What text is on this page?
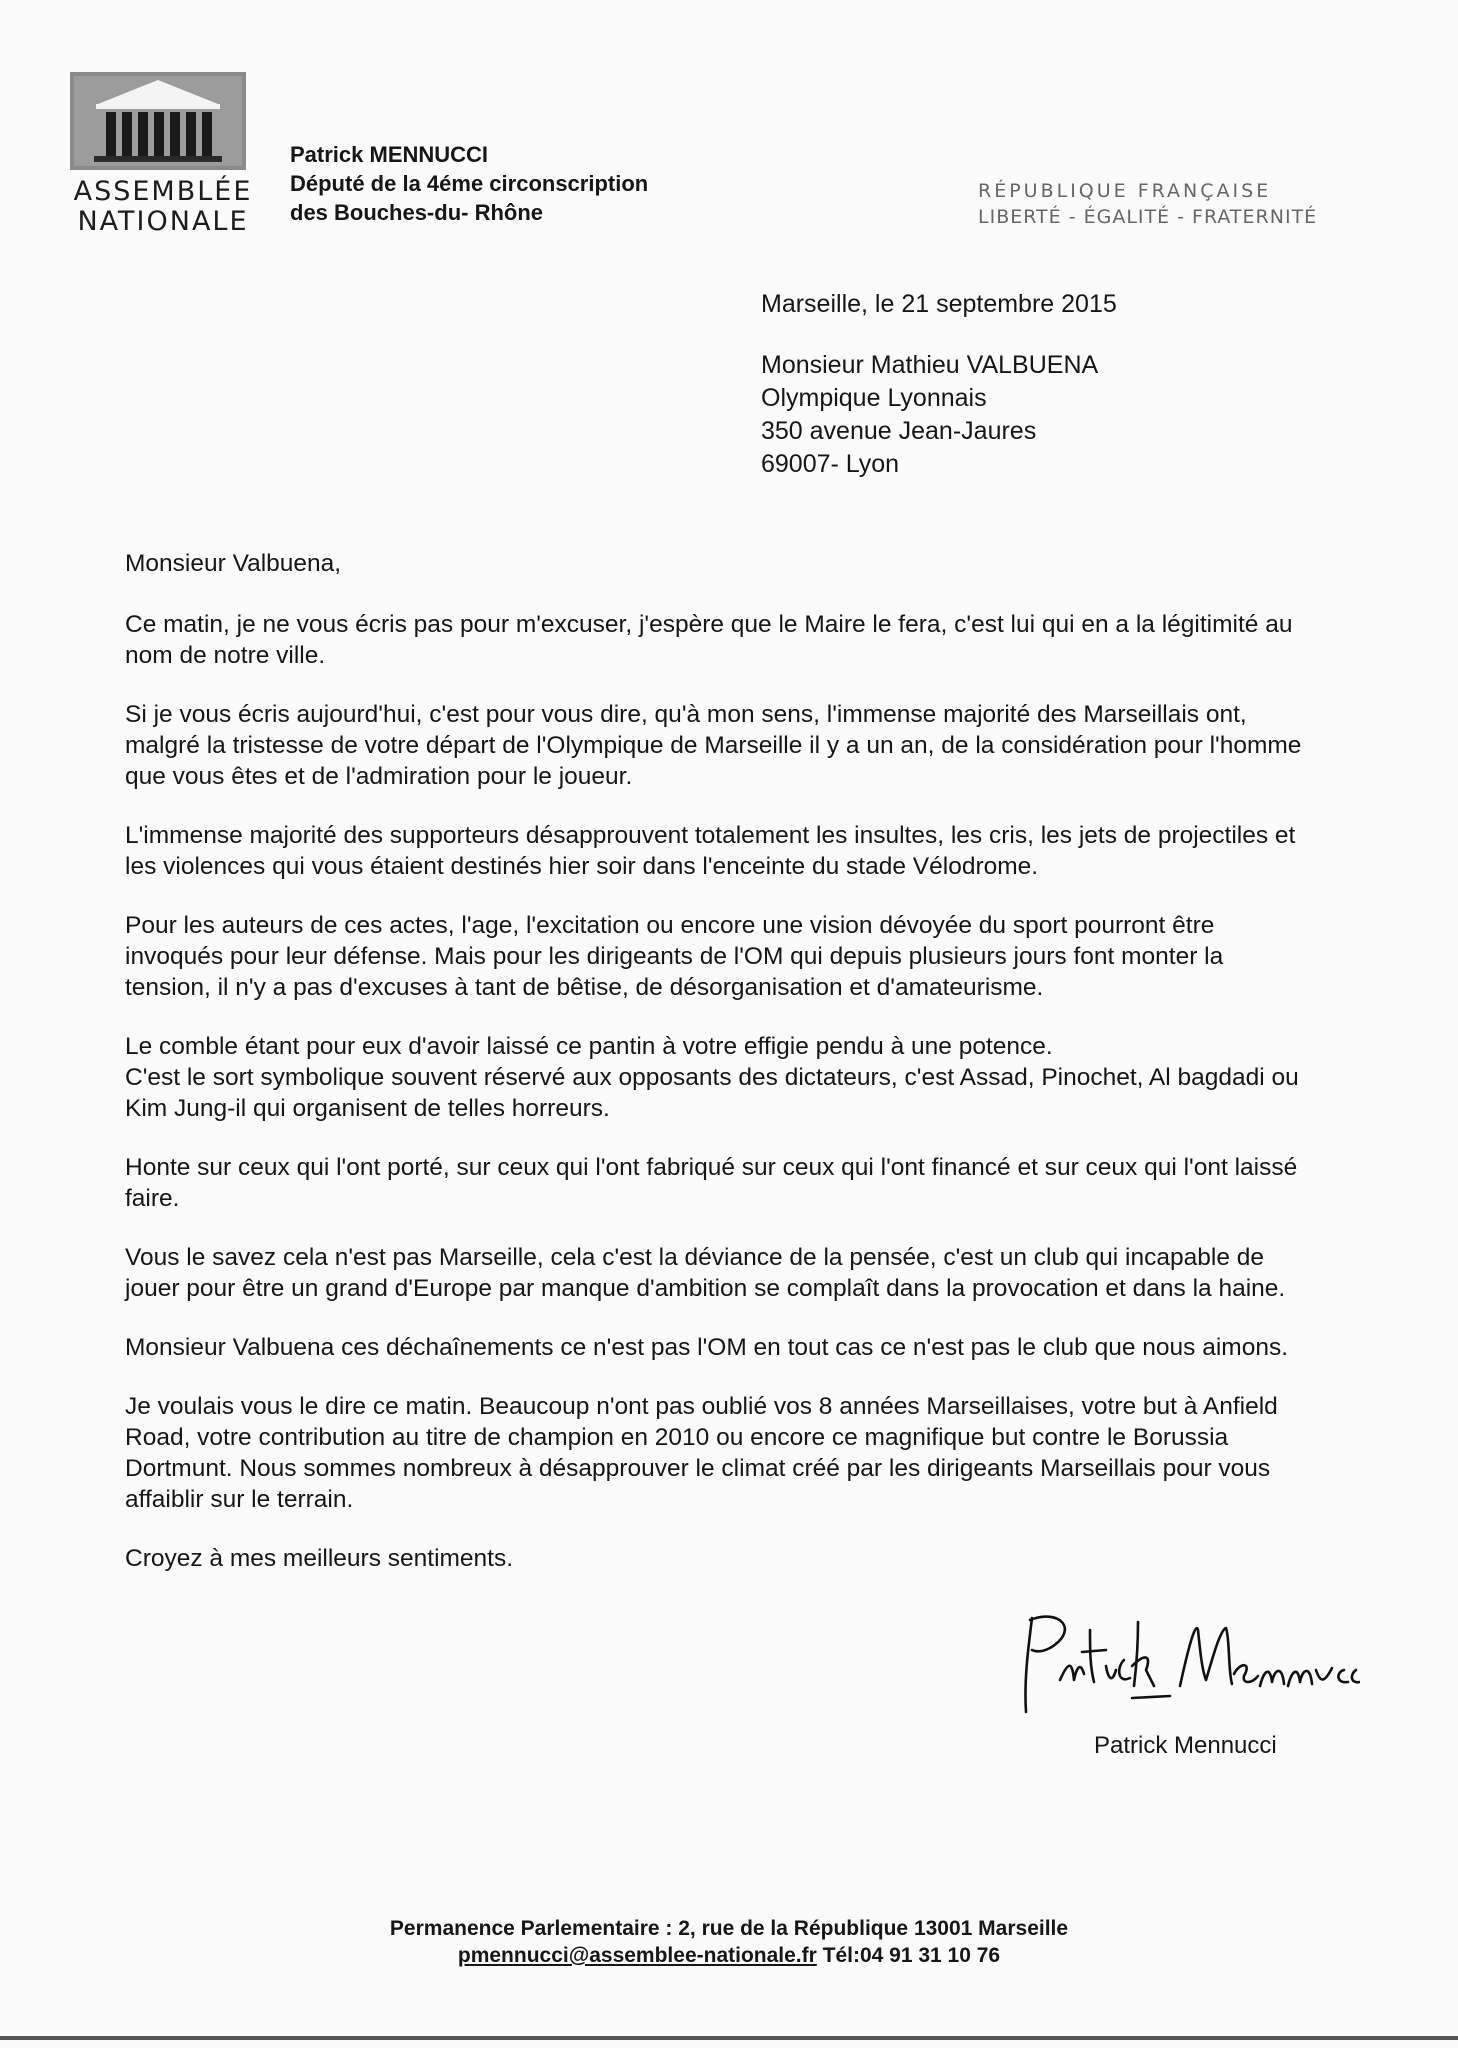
ASSEMBLÉE
NATIONALE
Patrick MENNUCCI
Député de la 4éme circonscription
des Bouches-du- Rhône
RÉPUBLIQUE FRANÇAISE
LIBERTÉ - ÉGALITÉ - FRATERNITÉ
Marseille, le 21 septembre 2015
Monsieur Mathieu VALBUENA
Olympique Lyonnais
350 avenue Jean-Jaures
69007- Lyon

Monsieur Valbuena,

Ce matin, je ne vous écris pas pour m'excuser, j'espère que le Maire le fera, c'est lui qui en a la légitimité au nom de notre ville.

Si je vous écris aujourd'hui, c'est pour vous dire, qu'à mon sens, l'immense majorité des Marseillais ont, malgré la tristesse de votre départ de l'Olympique de Marseille il y a un an, de la considération pour l'homme que vous êtes et de l'admiration pour le joueur.

L'immense majorité des supporteurs désapprouvent totalement les insultes, les cris, les jets de projectiles et les violences qui vous étaient destinés hier soir dans l'enceinte du stade Vélodrome.

Pour les auteurs de ces actes, l'age, l'excitation ou encore une vision dévoyée du sport pourront être invoqués pour leur défense. Mais pour les dirigeants de l'OM qui depuis plusieurs jours font monter la tension, il n'y a pas d'excuses à tant de bêtise, de désorganisation et d'amateurisme.

Le comble étant pour eux d'avoir laissé ce pantin à votre effigie pendu à une potence.

C'est le sort symbolique souvent réservé aux opposants des dictateurs, c'est Assad, Pinochet, Al bagdadi ou Kim Jung-il qui organisent de telles horreurs.

Honte sur ceux qui l'ont porté, sur ceux qui l'ont fabriqué sur ceux qui l'ont financé et sur ceux qui l'ont laissé faire.

Vous le savez cela n'est pas Marseille, cela c'est la déviance de la pensée, c'est un club qui incapable de jouer pour être un grand d'Europe par manque d'ambition se complaît dans la provocation et dans la haine.

Monsieur Valbuena ces déchaînements ce n'est pas l'OM en tout cas ce n'est pas le club que nous aimons.

Je voulais vous le dire ce matin. Beaucoup n'ont pas oublié vos 8 années Marseillaises, votre but à Anfield Road, votre contribution au titre de champion en 2010 ou encore ce magnifique but contre le Borussia Dortmunt. Nous sommes nombreux à désapprouver le climat créé par les dirigeants Marseillais pour vous affaiblir sur le terrain.

Croyez à mes meilleurs sentiments.

Patrick Mennucci
Permanence Parlementaire : 2, rue de la République 13001 Marseille
pmennucci@assemblee-nationale.fr Tél:04 91 31 10 76
